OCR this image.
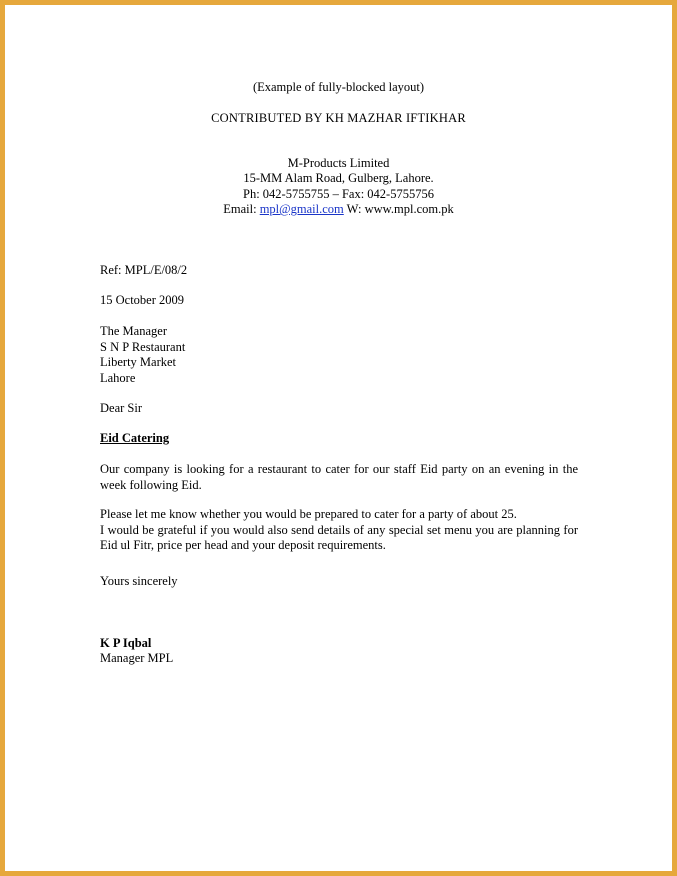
(Example of fully-blocked layout)
CONTRIBUTED BY KH MAZHAR IFTIKHAR
M-Products Limited
15-MM Alam Road, Gulberg, Lahore.
Ph: 042-5755755 – Fax: 042-5755756
Email: mpl@gmail.com W: www.mpl.com.pk
Ref: MPL/E/08/2
15 October 2009
The Manager
S N P Restaurant
Liberty Market
Lahore
Dear Sir
Eid Catering
Our company is looking for a restaurant to cater for our staff Eid party on an evening in the week following Eid.
Please let me know whether you would be prepared to cater for a party of about 25.
I would be grateful if you would also send details of any special set menu you are planning for Eid ul Fitr, price per head and your deposit requirements.
Yours sincerely
K P Iqbal
Manager MPL
